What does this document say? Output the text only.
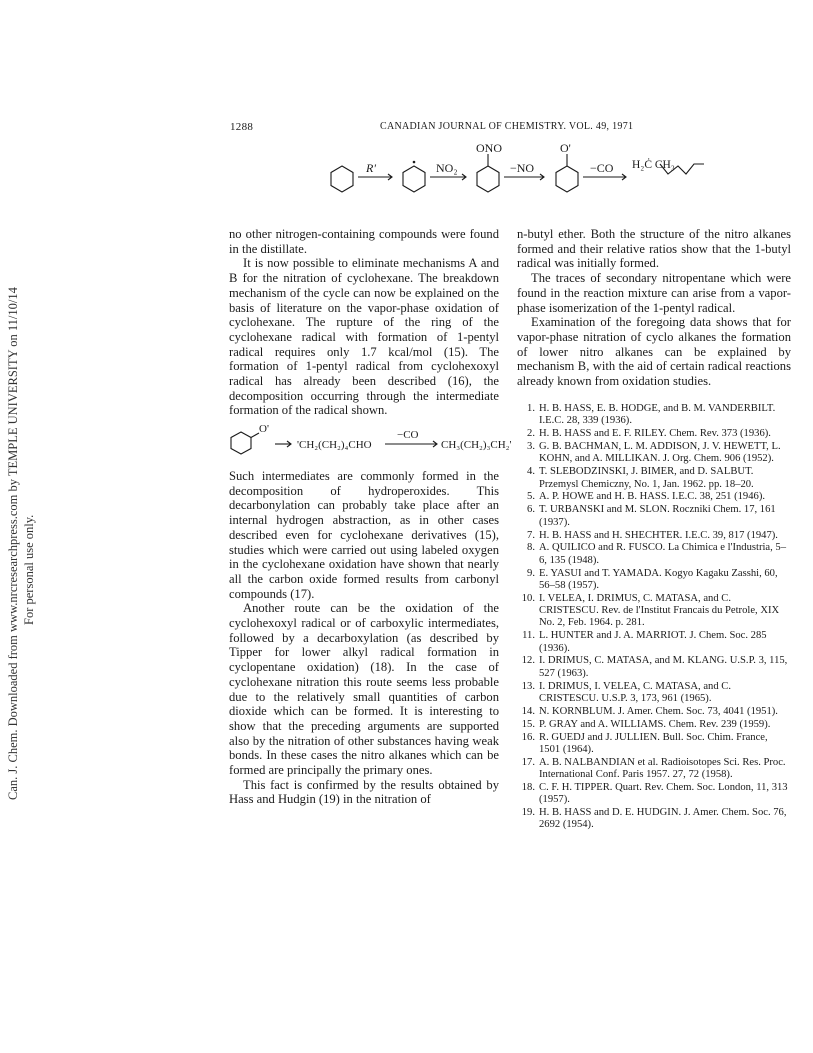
Can. J. Chem. Downloaded from www.nrcresearchpress.com by TEMPLE UNIVERSITY on 11/10/14 For personal use only.
1288	CANADIAN JOURNAL OF CHEMISTRY. VOL. 49, 1971
R'	NO₂
ONO
−NO
O'
−CO H₂Ċ CH₃

no other nitrogen-containing compounds were found in the distillate.

It is now possible to eliminate mechanisms A and B for the nitration of cyclohexane. The breakdown mechanism of the cycle can now be explained on the basis of literature on the vapor-phase oxidation of cyclohexane. The rupture of the ring of the cyclohexane radical with formation of 1-pentyl radical requires only 1.7 kcal/mol (15). The formation of 1-pentyl radical from cyclohexoxyl radical has already been described (16), the decomposition occurring through the intermediate formation of the radical shown.

O'
'CH₂(CH₂)₄CHO
−CO
CH₃(CH₂)₃CH₂'

Such intermediates are commonly formed in the decomposition of hydroperoxides. This decarbonylation can probably take place after an internal hydrogen abstraction, as in other cases described even for cyclohexane derivatives (15), studies which were carried out using labeled oxygen in the cyclohexane oxidation have shown that nearly all the carbon oxide formed results from carbonyl compounds (17).

Another route can be the oxidation of the cyclohexoxyl radical or of carboxylic intermediates, followed by a decarboxylation (as described by Tipper for lower alkyl radical formation in cyclopentane oxidation) (18). In the case of cyclohexane nitration this route seems less probable due to the relatively small quantities of carbon dioxide which can be formed. It is interesting to show that the preceding arguments are supported also by the nitration of other substances having weak bonds. In these cases the nitro alkanes which can be formed are principally the primary ones.

This fact is confirmed by the results obtained by Hass and Hudgin (19) in the nitration of

n-butyl ether. Both the structure of the nitro alkanes formed and their relative ratios show that the 1-butyl radical was initially formed.

The traces of secondary nitropentane which were found in the reaction mixture can arise from a vapor-phase isomerization of the 1-pentyl radical.

Examination of the foregoing data shows that for vapor-phase nitration of cyclo alkanes the formation of lower nitro alkanes can be explained by mechanism B, with the aid of certain radical reactions already known from oxidation studies.

1. H. B. HASS, E. B. HODGE, and B. M. VANDERBILT. I.E.C. 28, 339 (1936).
2. H. B. HASS and E. F. RILEY. Chem. Rev. 373 (1936).
3. G. B. BACHMAN, L. M. ADDISON, J. V. HEWETT, L. KOHN, and A. MILLIKAN. J. Org. Chem. 906 (1952).
4. T. SLEBODZINSKI, J. BIMER, and D. SALBUT. Przemysl Chemiczny, No. 1, Jan. 1962. pp. 18–20.
5. A. P. HOWE and H. B. HASS. I.E.C. 38, 251 (1946).
6. T. URBANSKI and M. SLON. Roczniki Chem. 17, 161 (1937).
7. H. B. HASS and H. SHECHTER. I.E.C. 39, 817 (1947).
8. A. QUILICO and R. FUSCO. La Chimica e l'Industria, 5–6, 135 (1948).
9. E. YASUI and T. YAMADA. Kogyo Kagaku Zasshi, 60, 56–58 (1957).
10. I. VELEA, I. DRIMUS, C. MATASA, and C. CRISTESCU. Rev. de l'Institut Francais du Petrole, XIX No. 2, Feb. 1964. p. 281.
11. L. HUNTER and J. A. MARRIOT. J. Chem. Soc. 285 (1936).
12. I. DRIMUS, C. MATASA, and M. KLANG. U.S.P. 3, 115, 527 (1963).
13. I. DRIMUS, I. VELEA, C. MATASA, and C. CRISTESCU. U.S.P. 3, 173, 961 (1965).
14. N. KORNBLUM. J. Amer. Chem. Soc. 73, 4041 (1951).
15. P. GRAY and A. WILLIAMS. Chem. Rev. 239 (1959).
16. R. GUEDJ and J. JULLIEN. Bull. Soc. Chim. France, 1501 (1964).
17. A. B. NALBANDIAN et al. Radioisotopes Sci. Res. Proc. International Conf. Paris 1957. 27, 72 (1958).
18. C. F. H. TIPPER. Quart. Rev. Chem. Soc. London, 11, 313 (1957).
19. H. B. HASS and D. E. HUDGIN. J. Amer. Chem. Soc. 76, 2692 (1954).
